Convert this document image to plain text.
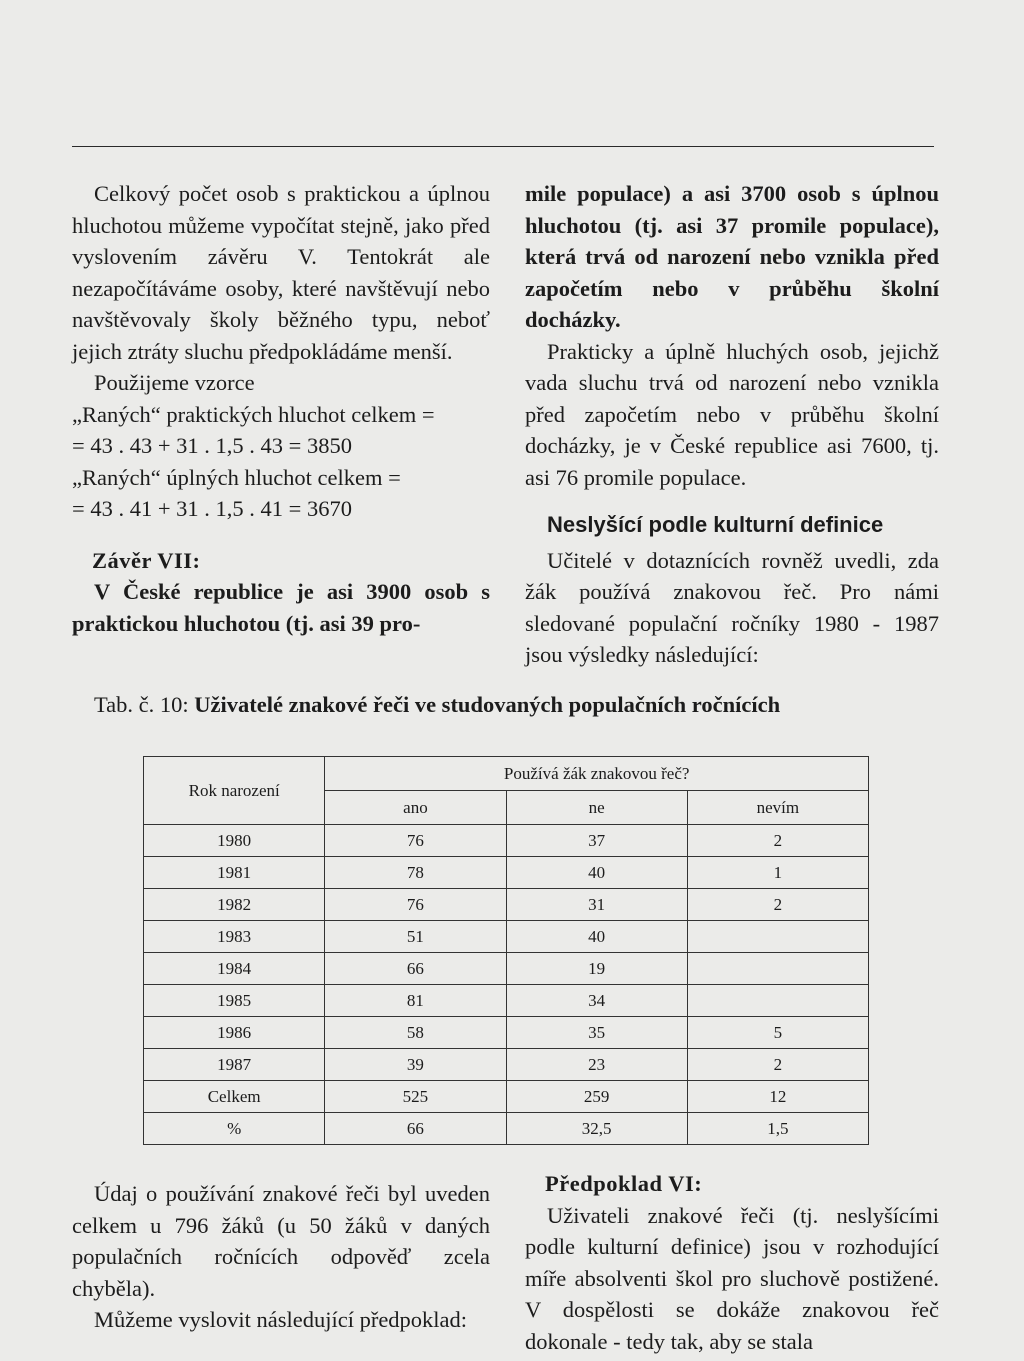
Celkový počet osob s praktickou a úplnou hluchotou můžeme vypočítat stejně, jako před vyslovením závěru V. Tentokrát ale nezapočítáváme osoby, které navštěvují nebo navštěvovaly školy běžného typu, neboť jejich ztráty sluchu předpokládáme menší.

Použijeme vzorce

„Raných“ praktických hluchot celkem =

= 43 . 43 + 31 . 1,5 . 43 = 3850

„Raných“ úplných hluchot celkem =

= 43 . 41 + 31 . 1,5 . 41 = 3670

Závěr VII:

V České republice je asi 3900 osob s praktickou hluchotou (tj. asi 39 pro-

mile populace) a asi 3700 osob s úplnou hluchotou (tj. asi 37 promile populace), která trvá od narození nebo vznikla před započetím nebo v průběhu školní docházky.

Prakticky a úplně hluchých osob, jejichž vada sluchu trvá od narození nebo vznikla před započetím nebo v průběhu školní docházky, je v České republice asi 7600, tj. asi 76 promile populace.

Neslyšící podle kulturní definice

Učitelé v dotaznících rovněž uvedli, zda žák používá znakovou řeč. Pro námi sledované populační ročníky 1980 - 1987 jsou výsledky následující:

Tab. č. 10: Uživatelé znakové řeči ve studovaných populačních ročnících
Rok narození	Používá žák znakovou řeč?		
	ano	ne	nevím
1980	76	37	2
1981	78	40	1
1982	76	31	2
1983	51	40	
1984	66	19	
1985	81	34	
1986	58	35	5
1987	39	23	2
Celkem	525	259	12
%	66	32,5	1,5

Údaj o používání znakové řeči byl uveden celkem u 796 žáků (u 50 žáků v daných populačních ročnících odpověď zcela chyběla).

Můžeme vyslovit následující předpoklad:

Předpoklad VI:

Uživateli znakové řeči (tj. neslyšícími podle kulturní definice) jsou v rozhodující míře absolventi škol pro sluchově postižené. V dospělosti se dokáže znakovou řeč dokonale - tedy tak, aby se stala
